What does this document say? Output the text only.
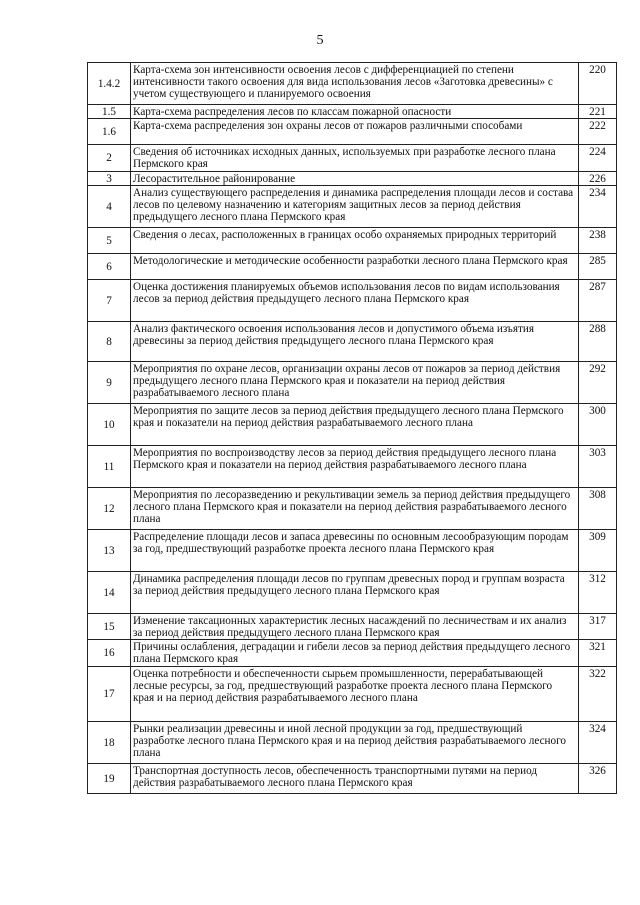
5
1.4.2	Карта-схема зон интенсивности освоения лесов с дифференциацией по степени интенсивности такого освоения для вида использования лесов «Заготовка древесины» с учетом существующего и планируемого освоения	220
1.5	Карта-схема распределения лесов по классам пожарной опасности	221
1.6	Карта-схема распределения зон охраны лесов от пожаров различными способами	222
2	Сведения об источниках исходных данных, используемых при разработке лесного плана Пермского края	224
3	Лесорастительное районирование	226
4	Анализ существующего распределения и динамика распределения площади лесов и состава лесов по целевому назначению и категориям защитных лесов за период действия предыдущего лесного плана Пермского края	234
5	Сведения о лесах, расположенных в границах особо охраняемых природных территорий	238
6	Методологические и методические особенности разработки лесного плана Пермского края	285
7	Оценка достижения планируемых объемов использования лесов по видам использования лесов за период действия предыдущего лесного плана Пермского края	287
8	Анализ фактического освоения использования лесов и допустимого объема изъятия древесины за период действия предыдущего лесного плана Пермского края	288
9	Мероприятия по охране лесов, организации охраны лесов от пожаров за период действия предыдущего лесного плана Пермского края и показатели на период действия разрабатываемого лесного плана	292
10	Мероприятия по защите лесов за период действия предыдущего лесного плана Пермского края и показатели на период действия разрабатываемого лесного плана	300
11	Мероприятия по воспроизводству лесов за период действия предыдущего лесного плана Пермского края и показатели на период действия разрабатываемого лесного плана	303
12	Мероприятия по лесоразведению и рекультивации земель за период действия предыдущего лесного плана Пермского края и показатели на период действия разрабатываемого лесного плана	308
13	Распределение площади лесов и запаса древесины по основным лесообразующим породам за год, предшествующий разработке проекта лесного плана Пермского края	309
14	Динамика распределения площади лесов по группам древесных пород и группам возраста за период действия предыдущего лесного плана Пермского края	312
15	Изменение таксационных характеристик лесных насаждений по лесничествам и их анализ за период действия предыдущего лесного плана Пермского края	317
16	Причины ослабления, деградации и гибели лесов за период действия предыдущего лесного плана Пермского края	321
17	Оценка потребности и обеспеченности сырьем промышленности, перерабатывающей лесные ресурсы, за год, предшествующий разработке проекта лесного плана Пермского края и на период действия разрабатываемого лесного плана	322
18	Рынки реализации древесины и иной лесной продукции за год, предшествующий разработке лесного плана Пермского края и на период действия разрабатываемого лесного плана	324
19	Транспортная доступность лесов, обеспеченность транспортными путями на период действия разрабатываемого лесного плана Пермского края	326
